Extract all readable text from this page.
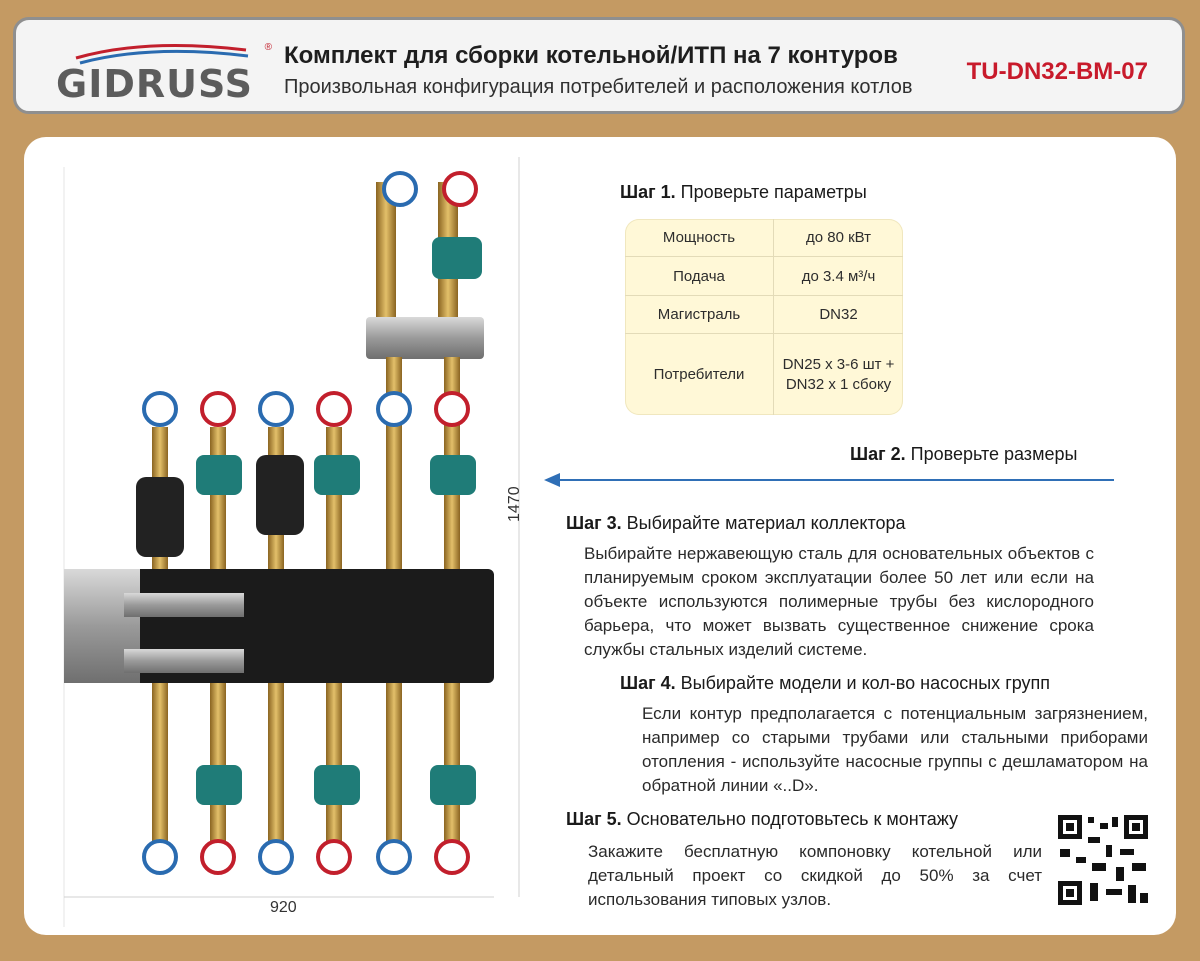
GIDRUSS
® Комплект для сборки котельной/ИТП на 7 контуров
Произвольная конфигурация потребителей и расположения котлов
TU-DN32-BM-07
1470
920
Шаг 1. Проверьте параметры
Мощность	до 80 кВт
Подача	до 3.4 м³/ч
Магистраль	DN32
Потребители	DN25 x 3-6 шт + DN32 x 1 сбоку
Шаг 2. Проверьте размеры
Шаг 3. Выбирайте материал коллектора
Выбирайте нержавеющую сталь для основательных объектов с планируемым сроком эксплуатации более 50 лет или если на объекте используются полимерные трубы без кислородного барьера, что может вызвать существенное снижение срока службы стальных изделий системе.
Шаг 4. Выбирайте модели и кол-во насосных групп
Если контур предполагается с потенциальным загрязнением, например со старыми трубами или стальными приборами отопления - используйте насосные группы с дешламатором на обратной линии «..D».
Шаг 5. Основательно подготовьтесь к монтажу
Закажите бесплатную компоновку котельной или детальный проект со скидкой до 50% за счет использования типовых узлов.
